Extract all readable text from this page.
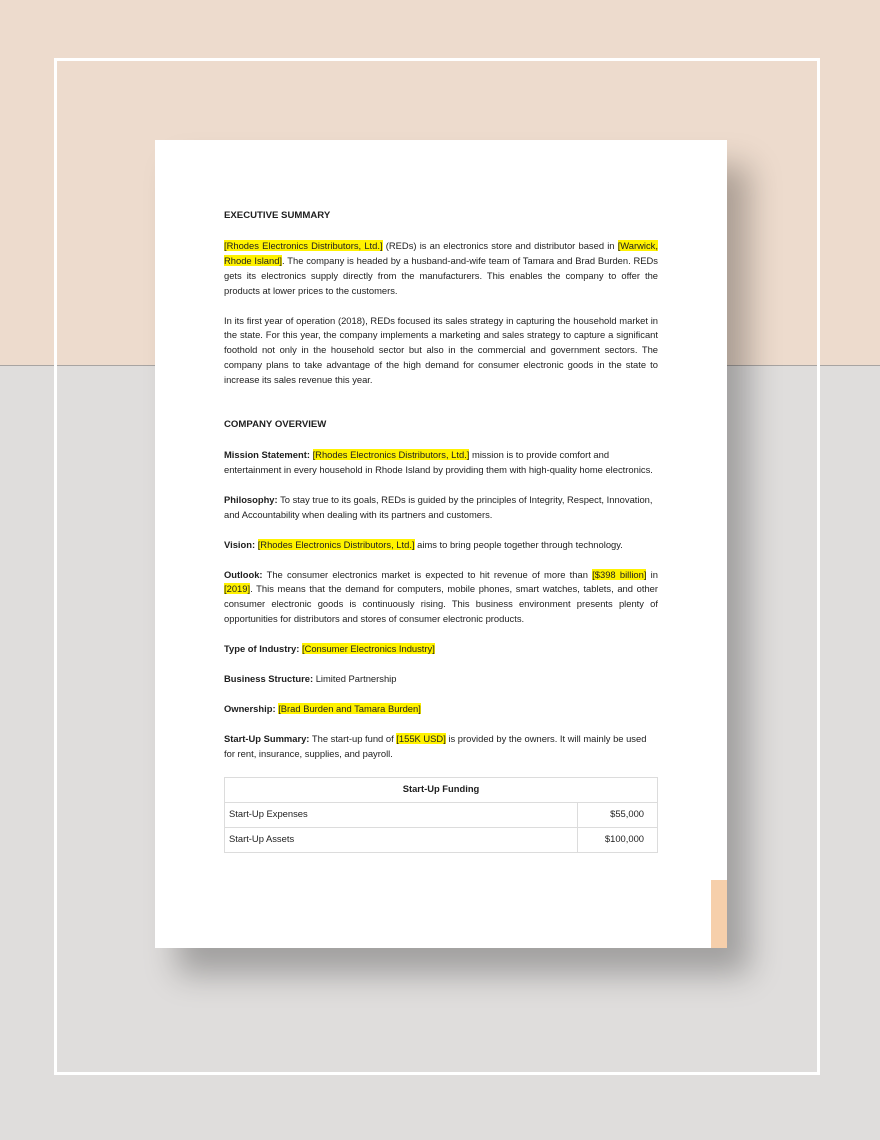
EXECUTIVE SUMMARY

[Rhodes Electronics Distributors, Ltd.] (REDs) is an electronics store and distributor based in [Warwick, Rhode Island]. The company is headed by a husband-and-wife team of Tamara and Brad Burden. REDs gets its electronics supply directly from the manufacturers. This enables the company to offer the products at lower prices to the customers.

In its first year of operation (2018), REDs focused its sales strategy in capturing the household market in the state. For this year, the company implements a marketing and sales strategy to capture a significant foothold not only in the household sector but also in the commercial and government sectors. The company plans to take advantage of the high demand for consumer electronic goods in the state to increase its sales revenue this year.

COMPANY OVERVIEW

Mission Statement: [Rhodes Electronics Distributors, Ltd.] mission is to provide comfort and entertainment in every household in Rhode Island by providing them with high-quality home electronics.

Philosophy: To stay true to its goals, REDs is guided by the principles of Integrity, Respect, Innovation, and Accountability when dealing with its partners and customers.

Vision: [Rhodes Electronics Distributors, Ltd.] aims to bring people together through technology.

Outlook: The consumer electronics market is expected to hit revenue of more than [$398 billion] in [2019]. This means that the demand for computers, mobile phones, smart watches, tablets, and other consumer electronic goods is continuously rising. This business environment presents plenty of opportunities for distributors and stores of consumer electronic products.

Type of Industry: [Consumer Electronics Industry]

Business Structure: Limited Partnership

Ownership: [Brad Burden and Tamara Burden]

Start-Up Summary: The start-up fund of [155K USD] is provided by the owners. It will mainly be used for rent, insurance, supplies, and payroll.

Start-Up Funding	
Start-Up Expenses	$55,000
Start-Up Assets	$100,000
